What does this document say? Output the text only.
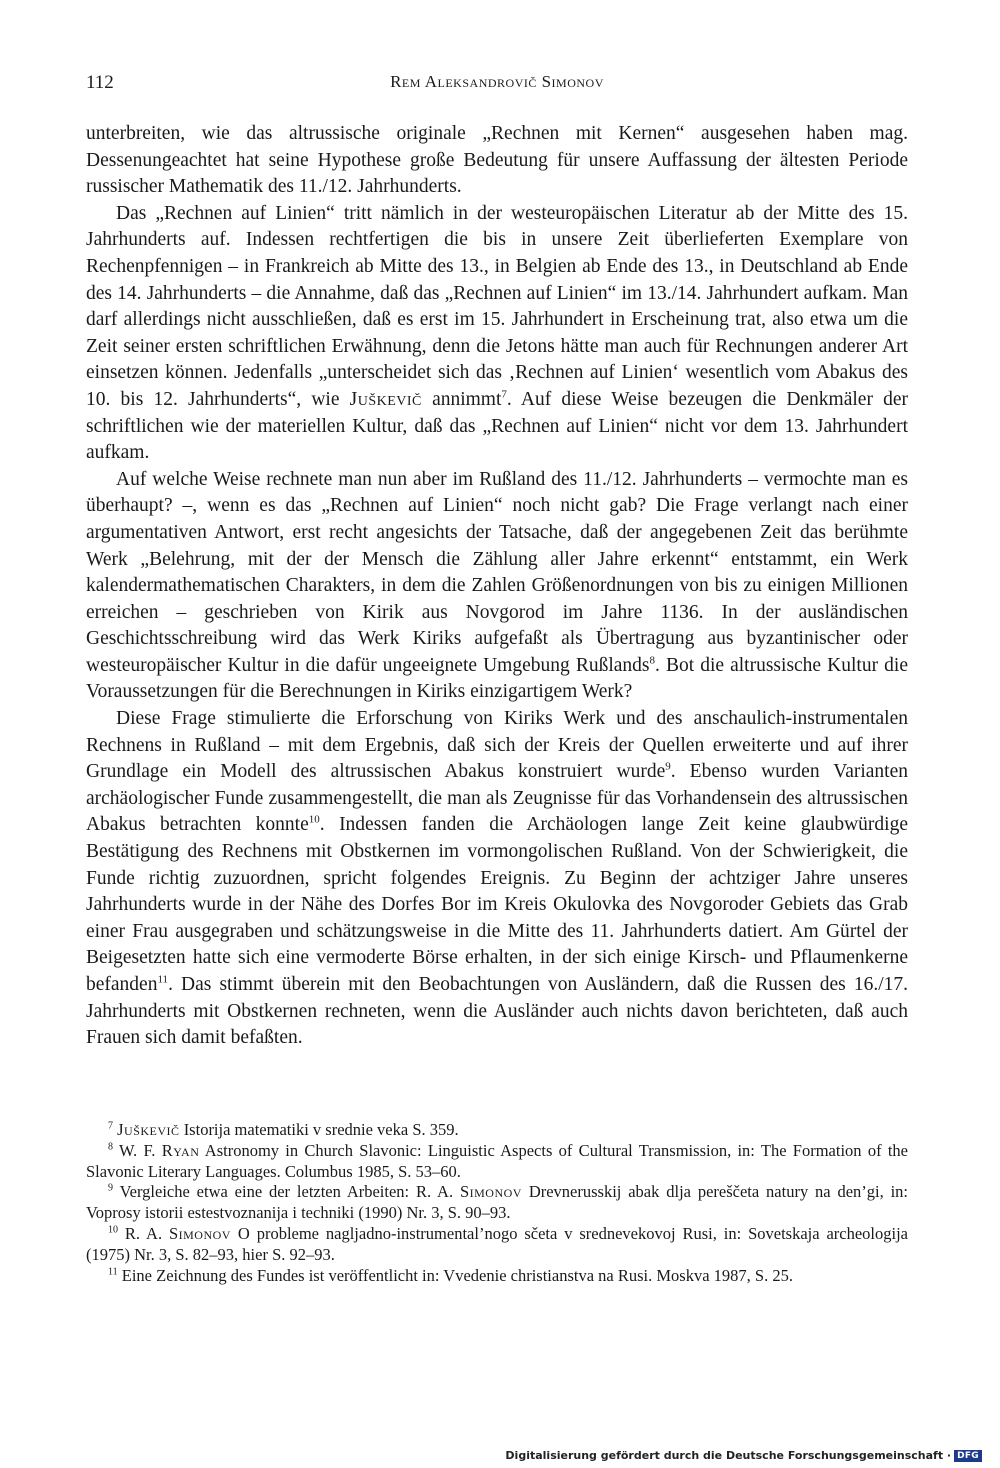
112	Rem Aleksandrovič Simonov

unterbreiten, wie das altrussische originale „Rechnen mit Kernen“ ausgesehen haben mag. Dessenungeachtet hat seine Hypothese große Bedeutung für unsere Auffassung der ältesten Periode russischer Mathematik des 11./12. Jahrhunderts.

Das „Rechnen auf Linien“ tritt nämlich in der westeuropäischen Literatur ab der Mitte des 15. Jahrhunderts auf. Indessen rechtfertigen die bis in unsere Zeit überlieferten Exemplare von Rechenpfennigen – in Frankreich ab Mitte des 13., in Belgien ab Ende des 13., in Deutschland ab Ende des 14. Jahrhunderts – die Annahme, daß das „Rechnen auf Linien“ im 13./14. Jahrhundert aufkam. Man darf allerdings nicht ausschließen, daß es erst im 15. Jahrhundert in Erscheinung trat, also etwa um die Zeit seiner ersten schriftlichen Erwähnung, denn die Jetons hätte man auch für Rechnungen anderer Art einsetzen können. Jedenfalls „unterscheidet sich das ‚Rechnen auf Linien‘ wesentlich vom Abakus des 10. bis 12. Jahrhunderts“, wie Juškevič annimmt$^7$. Auf diese Weise bezeugen die Denkmäler der schriftlichen wie der materiellen Kultur, daß das „Rechnen auf Linien“ nicht vor dem 13. Jahrhundert aufkam.

Auf welche Weise rechnete man nun aber im Rußland des 11./12. Jahrhunderts – vermochte man es überhaupt? –, wenn es das „Rechnen auf Linien“ noch nicht gab? Die Frage verlangt nach einer argumentativen Antwort, erst recht angesichts der Tatsache, daß der angegebenen Zeit das berühmte Werk „Belehrung, mit der der Mensch die Zählung aller Jahre erkennt“ entstammt, ein Werk kalendermathematischen Charakters, in dem die Zahlen Größenordnungen von bis zu einigen Millionen erreichen – geschrieben von Kirik aus Novgorod im Jahre 1136. In der ausländischen Geschichtsschreibung wird das Werk Kiriks aufgefaßt als Übertragung aus byzantinischer oder westeuropäischer Kultur in die dafür ungeeignete Umgebung Rußlands$^8$. Bot die altrussische Kultur die Voraussetzungen für die Berechnungen in Kiriks einzigartigem Werk?

Diese Frage stimulierte die Erforschung von Kiriks Werk und des anschaulich-instrumentalen Rechnens in Rußland – mit dem Ergebnis, daß sich der Kreis der Quellen erweiterte und auf ihrer Grundlage ein Modell des altrussischen Abakus konstruiert wurde$^9$. Ebenso wurden Varianten archäologischer Funde zusammengestellt, die man als Zeugnisse für das Vorhandensein des altrussischen Abakus betrachten konnte$^{10}$. Indessen fanden die Archäologen lange Zeit keine glaubwürdige Bestätigung des Rechnens mit Obstkernen im vormongolischen Rußland. Von der Schwierigkeit, die Funde richtig zuzuordnen, spricht folgendes Ereignis. Zu Beginn der achtziger Jahre unseres Jahrhunderts wurde in der Nähe des Dorfes Bor im Kreis Okulovka des Novgoroder Gebiets das Grab einer Frau ausgegraben und schätzungsweise in die Mitte des 11. Jahrhunderts datiert. Am Gürtel der Beigesetzten hatte sich eine vermoderte Börse erhalten, in der sich einige Kirsch- und Pflaumenkerne befanden$^{11}$. Das stimmt überein mit den Beobachtungen von Ausländern, daß die Russen des 16./17. Jahrhunderts mit Obstkernen rechneten, wenn die Ausländer auch nichts davon berichteten, daß auch Frauen sich damit befaßten.

$^7$ Juškevič Istorija matematiki v srednie veka S. 359.

$^8$ W. F. Ryan Astronomy in Church Slavonic: Linguistic Aspects of Cultural Transmission, in: The Formation of the Slavonic Literary Languages. Columbus 1985, S. 53–60.

$^9$ Vergleiche etwa eine der letzten Arbeiten: R. A. Simonov Drevnerusskij abak dlja pereščeta natury na den’gi, in: Voprosy istorii estestvoznanija i techniki (1990) Nr. 3, S. 90–93.

$^{10}$ R. A. Simonov O probleme nagljadno-instrumental’nogo sčeta v srednevekovoj Rusi, in: Sovetskaja archeologija (1975) Nr. 3, S. 82–93, hier S. 92–93.

$^{11}$ Eine Zeichnung des Fundes ist veröffentlicht in: Vvedenie christianstva na Rusi. Moskva 1987, S. 25.

Digitalisierung gefördert durch die Deutsche Forschungsgemeinschaft · DFG
